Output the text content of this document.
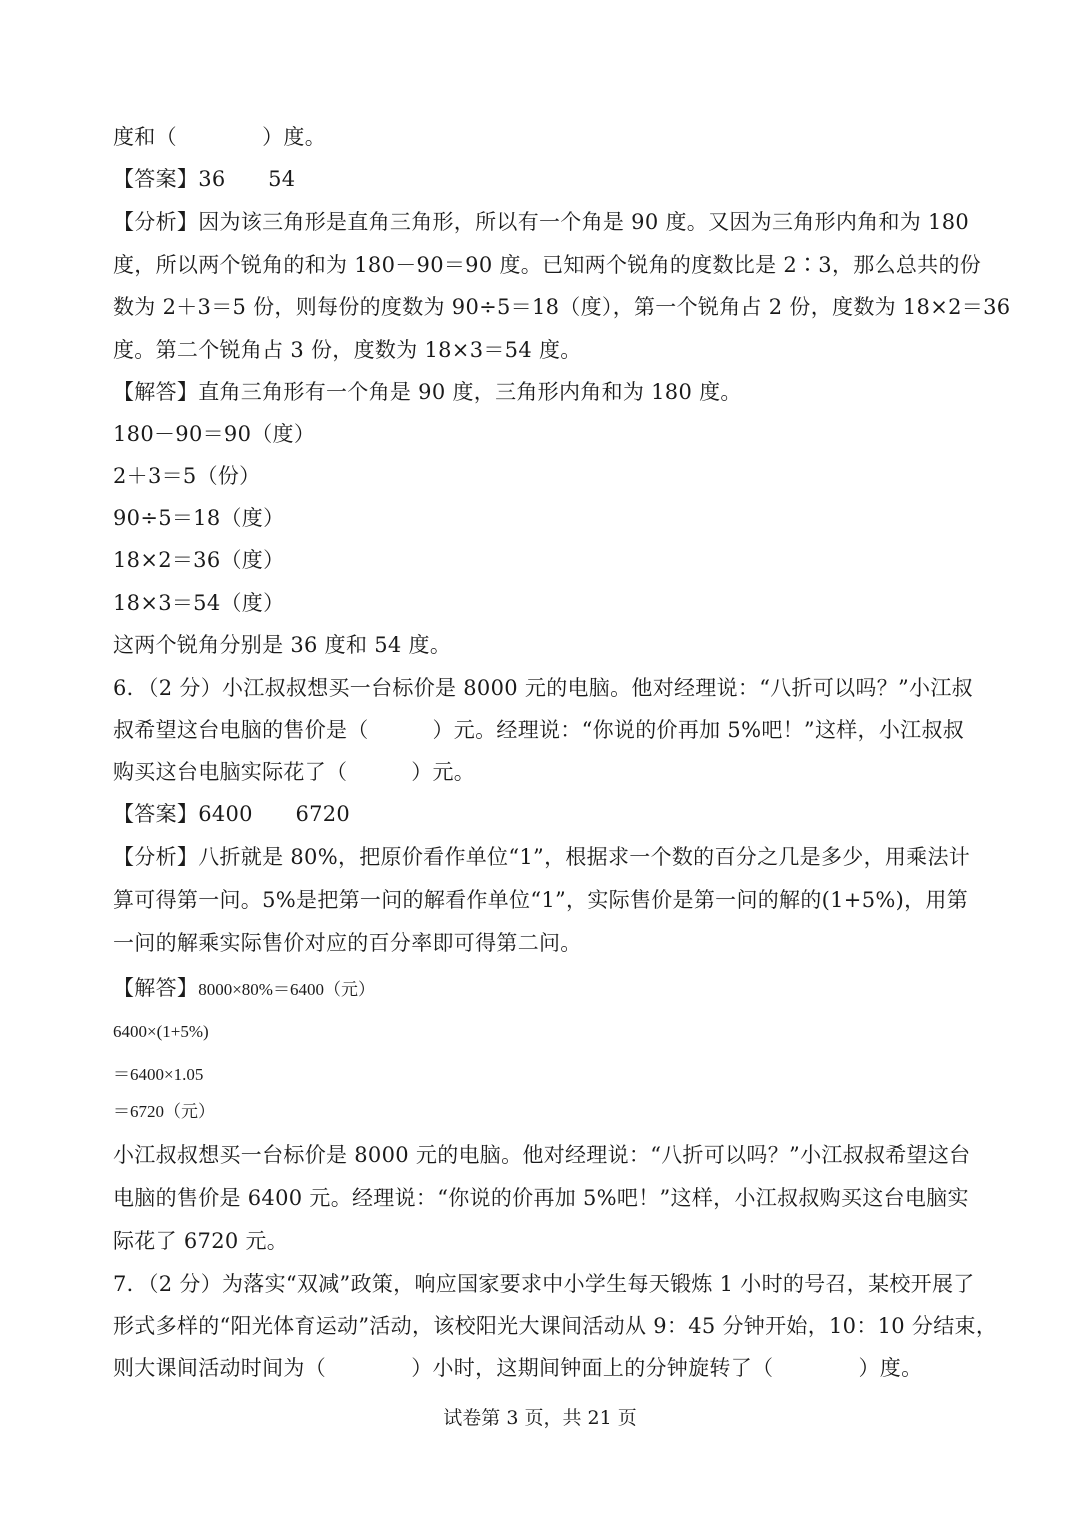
度和（　　　　）度。
【答案】36　　54
【分析】因为该三角形是直角三角形，所以有一个角是 90 度。又因为三角形内角和为 180
度，所以两个锐角的和为 180－90＝90 度。已知两个锐角的度数比是 2∶3，那么总共的份
数为 2＋3＝5 份，则每份的度数为 90÷5＝18（度），第一个锐角占 2 份，度数为 18×2＝36
度。第二个锐角占 3 份，度数为 18×3＝54 度。
【解答】直角三角形有一个角是 90 度，三角形内角和为 180 度。
180－90＝90（度）
2＋3＝5（份）
90÷5＝18（度）
18×2＝36（度）
18×3＝54（度）
这两个锐角分别是 36 度和 54 度。
6．（2 分）小江叔叔想买一台标价是 8000 元的电脑。他对经理说：“八折可以吗？”小江叔
叔希望这台电脑的售价是（　　　）元。经理说：“你说的价再加 5%吧！”这样，小江叔叔
购买这台电脑实际花了（　　　）元。
【答案】6400　　6720
【分析】八折就是 80%，把原价看作单位“1”，根据求一个数的百分之几是多少，用乘法计
算可得第一问。5%是把第一问的解看作单位“1”，实际售价是第一问的解的(1+5%)，用第
一问的解乘实际售价对应的百分率即可得第二问。
【解答】8000×80%＝6400（元）
6400×(1+5%)
＝6400×1.05
＝6720（元）
小江叔叔想买一台标价是 8000 元的电脑。他对经理说：“八折可以吗？”小江叔叔希望这台
电脑的售价是 6400 元。经理说：“你说的价再加 5%吧！”这样，小江叔叔购买这台电脑实
际花了 6720 元。
7．（2 分）为落实“双减”政策，响应国家要求中小学生每天锻炼 1 小时的号召，某校开展了
形式多样的“阳光体育运动”活动，该校阳光大课间活动从 9：45 分钟开始，10：10 分结束，
则大课间活动时间为（　　　　）小时，这期间钟面上的分钟旋转了（　　　　）度。
试卷第 3 页，共 21 页
